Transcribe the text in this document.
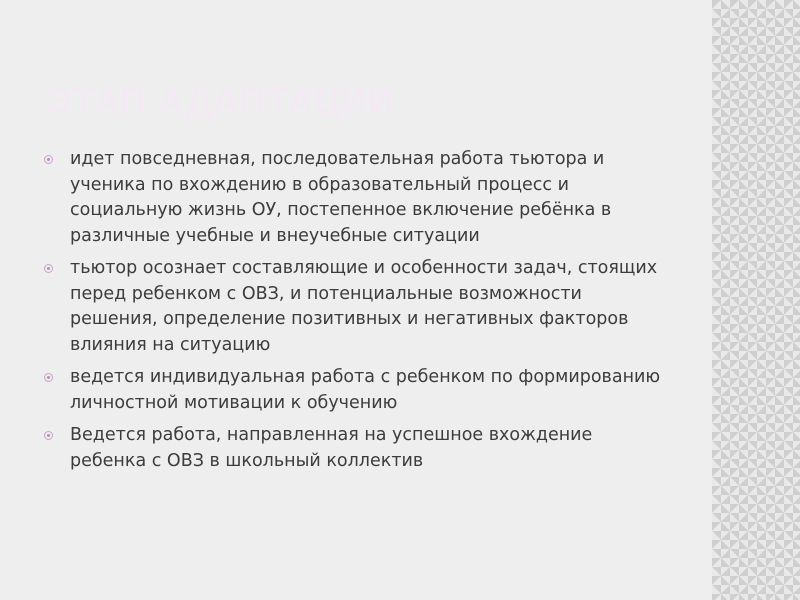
ЭТАП АДАПТАЦИИ
идет повседневная, последовательная работа тьютора и ученика по вхождению в образовательный процесс и социальную жизнь ОУ, постепенное включение ребёнка в различные учебные и внеучебные ситуации
тьютор осознает составляющие и особенности задач, стоящих перед ребенком с ОВЗ, и потенциальные возможности решения, определение позитивных и негативных факторов влияния на ситуацию
ведется индивидуальная работа с ребенком по формированию личностной мотивации к обучению
Ведется работа, направленная на успешное вхождение ребенка с ОВЗ в школьный коллектив
